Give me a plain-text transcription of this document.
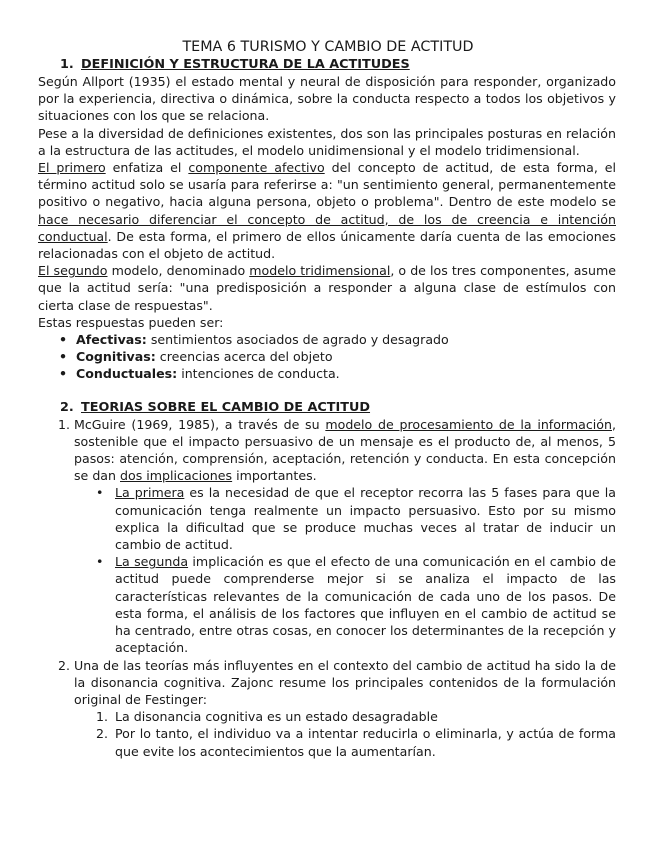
TEMA 6 TURISMO Y CAMBIO DE ACTITUD
1. DEFINICIÓN Y ESTRUCTURA DE LA ACTITUDES

Según Allport (1935) el estado mental y neural de disposición para responder, organizado por la experiencia, directiva o dinámica, sobre la conducta respecto a todos los objetivos y situaciones con los que se relaciona.

Pese a la diversidad de definiciones existentes, dos son las principales posturas en relación a la estructura de las actitudes, el modelo unidimensional y el modelo tridimensional.

El primero enfatiza el componente afectivo del concepto de actitud, de esta forma, el término actitud solo se usaría para referirse a: "un sentimiento general, permanentemente positivo o negativo, hacia alguna persona, objeto o problema". Dentro de este modelo se hace necesario diferenciar el concepto de actitud, de los de creencia e intención conductual. De esta forma, el primero de ellos únicamente daría cuenta de las emociones relacionadas con el objeto de actitud.

El segundo modelo, denominado modelo tridimensional, o de los tres componentes, asume que la actitud sería: "una predisposición a responder a alguna clase de estímulos con cierta clase de respuestas".

Estas respuestas pueden ser:

• Afectivas: sentimientos asociados de agrado y desagrado
• Cognitivas: creencias acerca del objeto
• Conductuales: intenciones de conducta.
2. TEORIAS SOBRE EL CAMBIO DE ACTITUD
1. McGuire (1969, 1985), a través de su modelo de procesamiento de la información, sostenible que el impacto persuasivo de un mensaje es el producto de, al menos, 5 pasos: atención, comprensión, aceptación, retención y conducta. En esta concepción se dan dos implicaciones importantes.
• La primera es la necesidad de que el receptor recorra las 5 fases para que la comunicación tenga realmente un impacto persuasivo. Esto por su mismo explica la dificultad que se produce muchas veces al tratar de inducir un cambio de actitud.
• La segunda implicación es que el efecto de una comunicación en el cambio de actitud puede comprenderse mejor si se analiza el impacto de las características relevantes de la comunicación de cada uno de los pasos. De esta forma, el análisis de los factores que influyen en el cambio de actitud se ha centrado, entre otras cosas, en conocer los determinantes de la recepción y aceptación.
2. Una de las teorías más influyentes en el contexto del cambio de actitud ha sido la de la disonancia cognitiva. Zajonc resume los principales contenidos de la formulación original de Festinger:
1. La disonancia cognitiva es un estado desagradable
2. Por lo tanto, el individuo va a intentar reducirla o eliminarla, y actúa de forma que evite los acontecimientos que la aumentarían.
